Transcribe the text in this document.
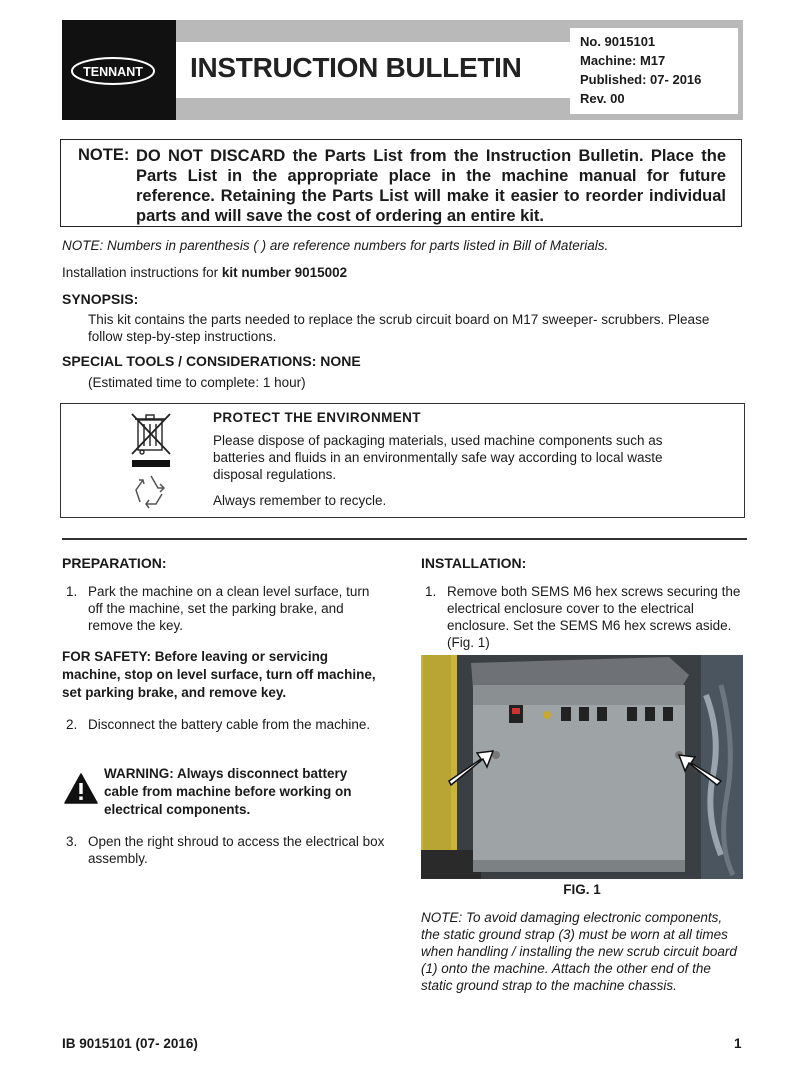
TENNANT INSTRUCTION BULLETIN
No. 9015101
Machine: M17
Published: 07- 2016
Rev. 00
NOTE: DO NOT DISCARD the Parts List from the Instruction Bulletin. Place the Parts List in the appropriate place in the machine manual for future reference. Retaining the Parts List will make it easier to reorder individual parts and will save the cost of ordering an entire kit.
NOTE: Numbers in parenthesis ( ) are reference numbers for parts listed in Bill of Materials.
Installation instructions for kit number 9015002
SYNOPSIS:
This kit contains the parts needed to replace the scrub circuit board on M17 sweeper- scrubbers. Please follow step-by-step instructions.
SPECIAL TOOLS / CONSIDERATIONS: NONE
(Estimated time to complete: 1 hour)
PROTECT THE ENVIRONMENT
Please dispose of packaging materials, used machine components such as batteries and fluids in an environmentally safe way according to local waste disposal regulations.
Always remember to recycle.
PREPARATION:
1. Park the machine on a clean level surface, turn off the machine, set the parking brake, and remove the key.
FOR SAFETY: Before leaving or servicing machine, stop on level surface, turn off machine, set parking brake, and remove key.
2. Disconnect the battery cable from the machine.
WARNING: Always disconnect battery cable from machine before working on electrical components.
3. Open the right shroud to access the electrical box assembly.
INSTALLATION:
1. Remove both SEMS M6 hex screws securing the electrical enclosure cover to the electrical enclosure. Set the SEMS M6 hex screws aside. (Fig. 1)
FIG. 1
NOTE: To avoid damaging electronic components, the static ground strap (3) must be worn at all times when handling / installing the new scrub circuit board (1) onto the machine. Attach the other end of the static ground strap to the machine chassis.
IB 9015101 (07- 2016)	1
